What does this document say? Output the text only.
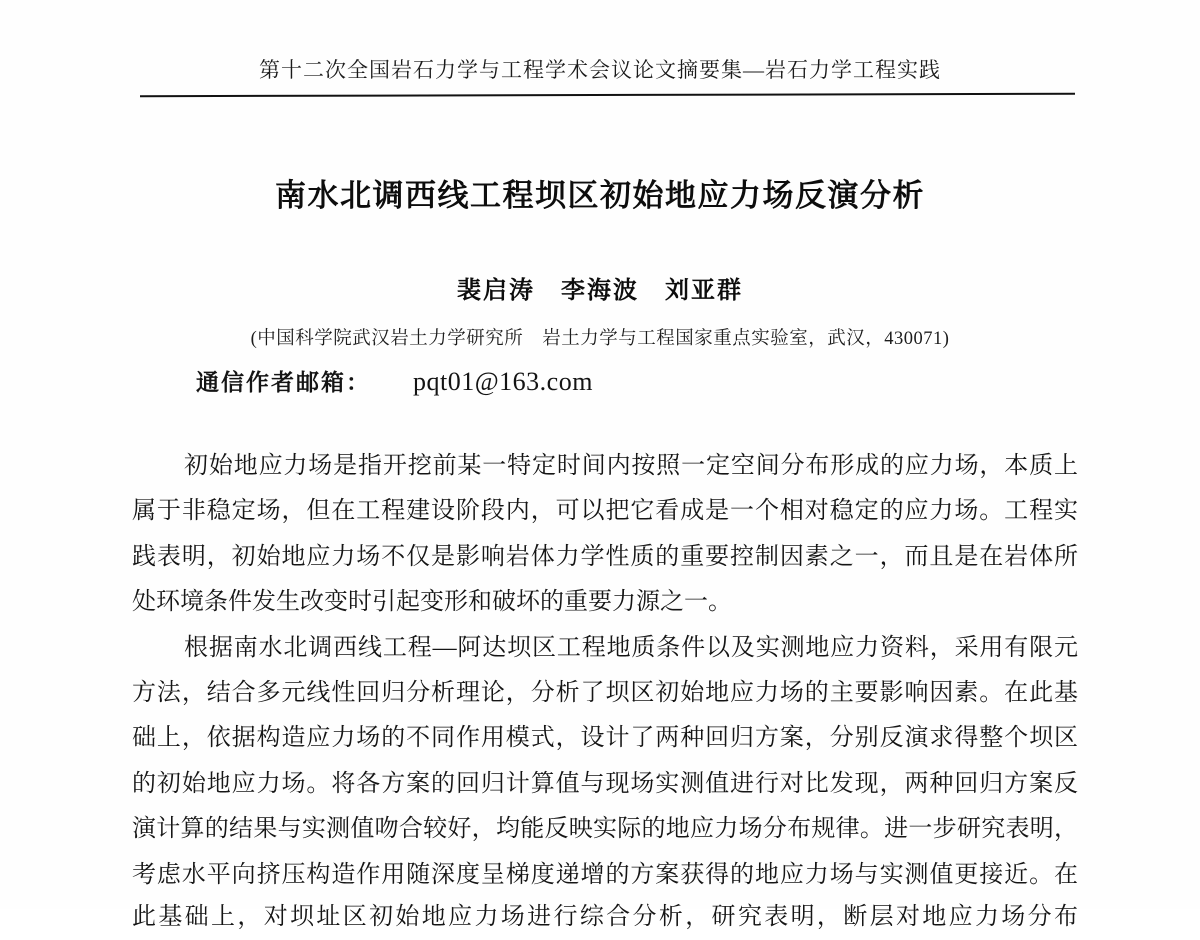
第十二次全国岩石力学与工程学术会议论文摘要集—岩石力学工程实践
南水北调西线工程坝区初始地应力场反演分析
裴启涛　李海波　刘亚群
(中国科学院武汉岩土力学研究所　岩土力学与工程国家重点实验室，武汉，430071)
通信作者邮箱： pqt01@163.com
初始地应力场是指开挖前某一特定时间内按照一定空间分布形成的应力场，本质上
属于非稳定场，但在工程建设阶段内，可以把它看成是一个相对稳定的应力场。工程实
践表明，初始地应力场不仅是影响岩体力学性质的重要控制因素之一，而且是在岩体所
处环境条件发生改变时引起变形和破坏的重要力源之一。
根据南水北调西线工程—阿达坝区工程地质条件以及实测地应力资料，采用有限元
方法，结合多元线性回归分析理论，分析了坝区初始地应力场的主要影响因素。在此基
础上，依据构造应力场的不同作用模式，设计了两种回归方案，分别反演求得整个坝区
的初始地应力场。将各方案的回归计算值与现场实测值进行对比发现，两种回归方案反
演计算的结果与实测值吻合较好，均能反映实际的地应力场分布规律。进一步研究表明，
考虑水平向挤压构造作用随深度呈梯度递增的方案获得的地应力场与实测值更接近。在
此基础上，对坝址区初始地应力场进行综合分析，研究表明，断层对地应力场分布
